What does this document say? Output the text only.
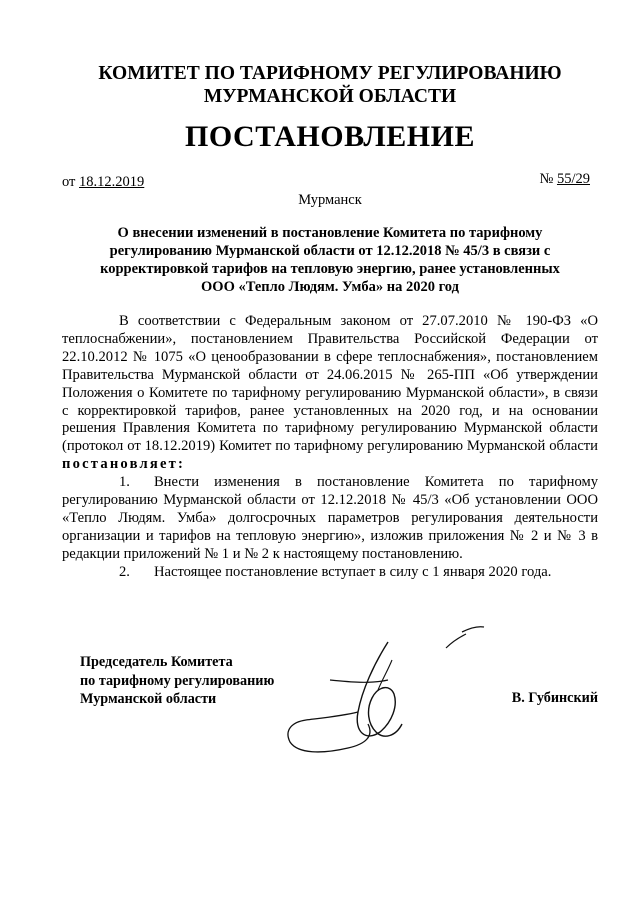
КОМИТЕТ ПО ТАРИФНОМУ РЕГУЛИРОВАНИЮ
МУРМАНСКОЙ ОБЛАСТИ
ПОСТАНОВЛЕНИЕ
от 18.12.2019	№ 55/29
Мурманск
О внесении изменений в постановление Комитета по тарифному регулированию Мурманской области от 12.12.2018 № 45/3 в связи с корректировкой тарифов на тепловую энергию, ранее установленных ООО «Тепло Людям. Умба» на 2020 год

В соответствии с Федеральным законом от 27.07.2010 № 190-ФЗ «О теплоснабжении», постановлением Правительства Российской Федерации от 22.10.2012 № 1075 «О ценообразовании в сфере теплоснабжения», постановлением Правительства Мурманской области от 24.06.2015 № 265-ПП «Об утверждении Положения о Комитете по тарифному регулированию Мурманской области», в связи с корректировкой тарифов, ранее установленных на 2020 год, и на основании решения Правления Комитета по тарифному регулированию Мурманской области (протокол от 18.12.2019) Комитет по тарифному регулированию Мурманской области постановляет:

1. Внести изменения в постановление Комитета по тарифному регулированию Мурманской области от 12.12.2018 № 45/3 «Об установлении ООО «Тепло Людям. Умба» долгосрочных параметров регулирования деятельности организации и тарифов на тепловую энергию», изложив приложения № 2 и № 3 в редакции приложений № 1 и № 2 к настоящему постановлению.

2. Настоящее постановление вступает в силу с 1 января 2020 года.

Председатель Комитета
по тарифному регулированию
Мурманской области	В. Губинский
